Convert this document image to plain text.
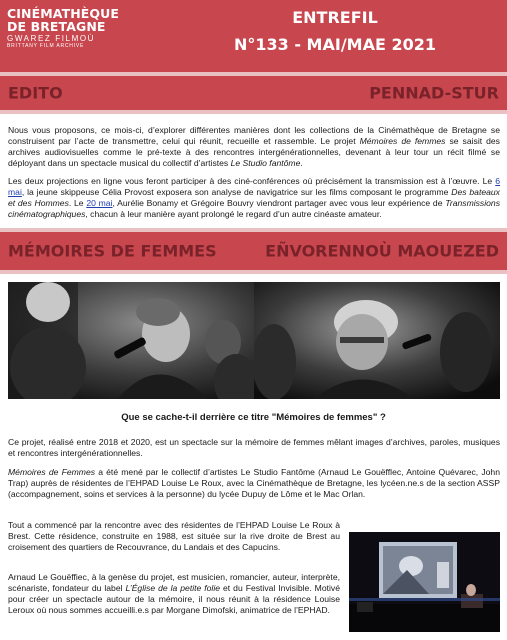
CINÉMATHÈQUE
DE BRETAGNE
GWAREZ FILMOÙ
BRITTANY FILM ARCHIVE
ENTREFIL
N°133 - MAI/MAE 2021
EDITO	PENNAD-STUR

Nous vous proposons, ce mois-ci, d’explorer différentes manières dont les collections de la Cinémathèque de Bretagne se construisent par l’acte de transmettre, celui qui réunit, recueille et rassemble. Le projet Mémoires de femmes se saisit des archives audiovisuelles comme le pré-texte à des rencontres intergénérationnelles, devenant à leur tour un récit filmé se déployant dans un spectacle musical du collectif d’artistes Le Studio fantôme.

Les deux projections en ligne vous feront participer à des ciné-conférences où précisément la transmission est à l’œuvre. Le 6 mai, la jeune skippeuse Célia Provost exposera son analyse de navigatrice sur les films composant le programme Des bateaux et des Hommes. Le 20 mai, Aurélie Bonamy et Grégoire Bouvry viendront partager avec vous leur expérience de Transmissions cinématographiques, chacun à leur manière ayant prolongé le regard d’un autre cinéaste amateur.

MÉMOIRES DE FEMMES	EÑVORENNOÙ MAOUEZED
Que se cache-t-il derrière ce titre "Mémoires de femmes" ?

Ce projet, réalisé entre 2018 et 2020, est un spectacle sur la mémoire de femmes mêlant images d’archives, paroles, musiques et rencontres intergénérationnelles.

Mémoires de Femmes a été mené par le collectif d’artistes Le Studio Fantôme (Arnaud Le Gouëfflec, Antoine Quévarec, John Trap) auprès de résidentes de l’EHPAD Louise Le Roux, avec la Cinémathèque de Bretagne, les lycéen.ne.s de la section ASSP (accompagnement, soins et services à la personne) du lycée Dupuy de Lôme et le Mac Orlan.

Tout a commencé par la rencontre avec des résidentes de l’EHPAD Louise Le Roux à Brest. Cette résidence, construite en 1988, est située sur la rive droite de Brest au croisement des quartiers de Recouvrance, du Landais et des Capucins.

Arnaud Le Gouëffiec, à la genèse du projet, est musicien, romancier, auteur, interprète, scénariste, fondateur du label L’Église de la petite folie et du Festival Invisible. Motivé pour créer un spectacle autour de la mémoire, il nous réunit à la résidence Louise Leroux où nous sommes accueilli.e.s par Morgane Dimofski, animatrice de l’EPHAD.
